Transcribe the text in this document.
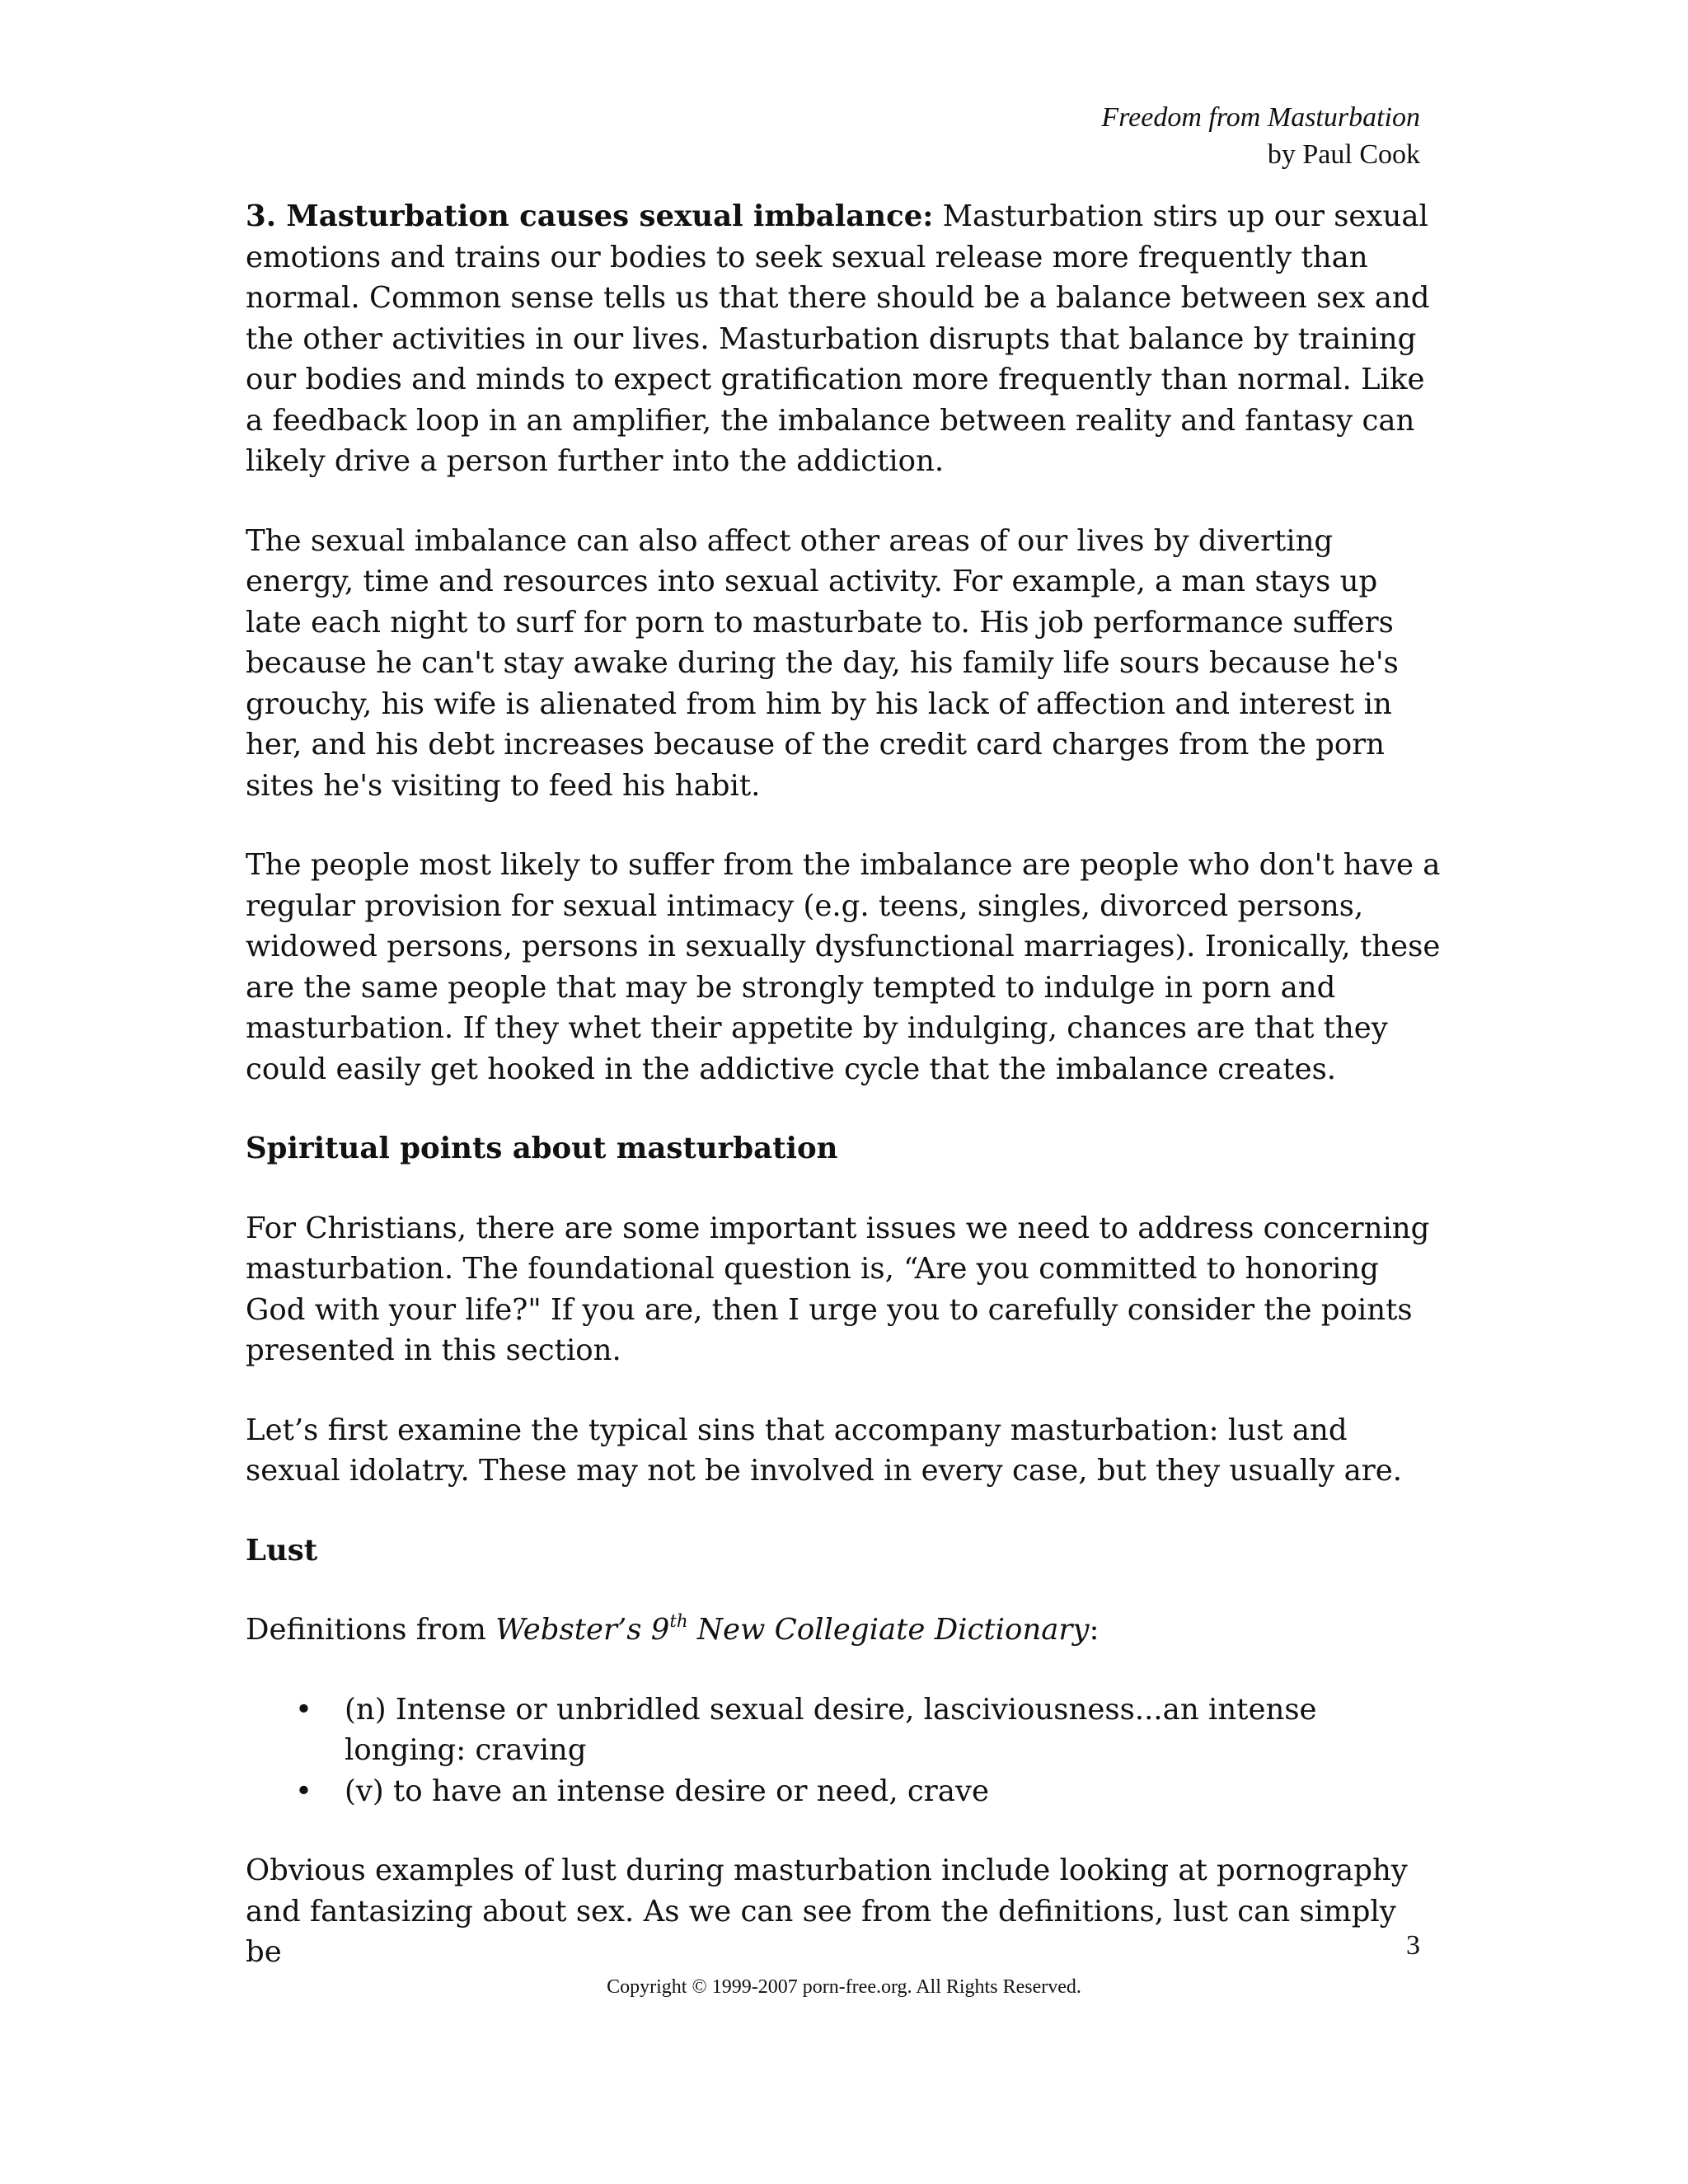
Freedom from Masturbation
by Paul Cook

3. Masturbation causes sexual imbalance: Masturbation stirs up our sexual emotions and trains our bodies to seek sexual release more frequently than normal. Common sense tells us that there should be a balance between sex and the other activities in our lives. Masturbation disrupts that balance by training our bodies and minds to expect gratification more frequently than normal. Like a feedback loop in an amplifier, the imbalance between reality and fantasy can likely drive a person further into the addiction.

The sexual imbalance can also affect other areas of our lives by diverting energy, time and resources into sexual activity. For example, a man stays up late each night to surf for porn to masturbate to. His job performance suffers because he can't stay awake during the day, his family life sours because he's grouchy, his wife is alienated from him by his lack of affection and interest in her, and his debt increases because of the credit card charges from the porn sites he's visiting to feed his habit.

The people most likely to suffer from the imbalance are people who don't have a regular provision for sexual intimacy (e.g. teens, singles, divorced persons, widowed persons, persons in sexually dysfunctional marriages). Ironically, these are the same people that may be strongly tempted to indulge in porn and masturbation. If they whet their appetite by indulging, chances are that they could easily get hooked in the addictive cycle that the imbalance creates.

Spiritual points about masturbation

For Christians, there are some important issues we need to address concerning masturbation. The foundational question is, “Are you committed to honoring God with your life?" If you are, then I urge you to carefully consider the points presented in this section.

Let’s first examine the typical sins that accompany masturbation: lust and sexual idolatry. These may not be involved in every case, but they usually are.

Lust

Definitions from Webster’s 9th New Collegiate Dictionary:

• (n) Intense or unbridled sexual desire, lasciviousness...an intense longing: craving
• (v) to have an intense desire or need, crave

Obvious examples of lust during masturbation include looking at pornography and fantasizing about sex. As we can see from the definitions, lust can simply be	3
Copyright © 1999-2007 porn-free.org. All Rights Reserved.
